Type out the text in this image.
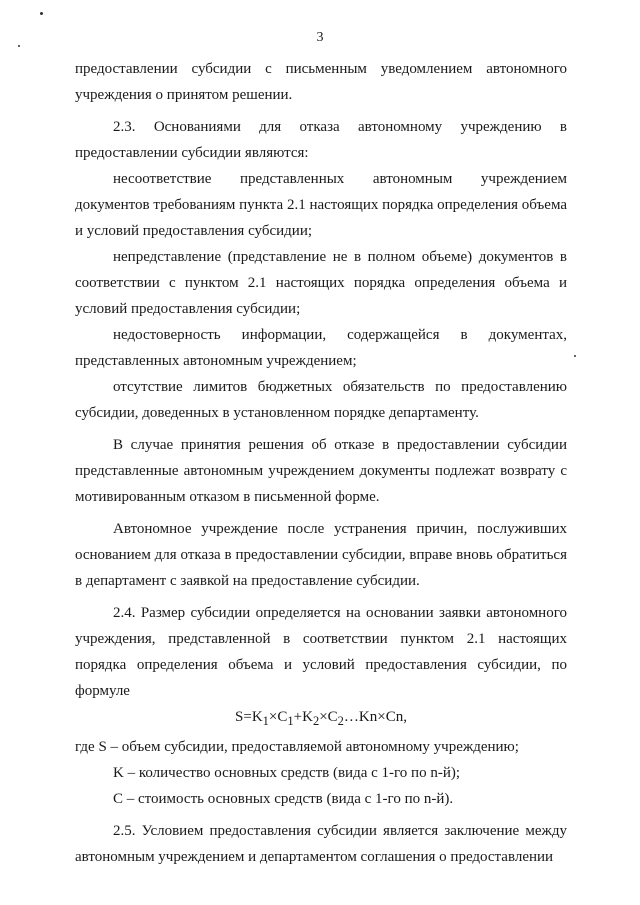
3

предоставлении субсидии с письменным уведомлением автономного учреждения о принятом решении.

2.3. Основаниями для отказа автономному учреждению в предоставлении субсидии являются:

несоответствие представленных автономным учреждением документов требованиям пункта 2.1 настоящих порядка определения объема и условий предоставления субсидии;

непредставление (представление не в полном объеме) документов в соответствии с пунктом 2.1 настоящих порядка определения объема и условий предоставления субсидии;

недостоверность информации, содержащейся в документах, представленных автономным учреждением;

отсутствие лимитов бюджетных обязательств по предоставлению субсидии, доведенных в установленном порядке департаменту.

В случае принятия решения об отказе в предоставлении субсидии представленные автономным учреждением документы подлежат возврату с мотивированным отказом в письменной форме.

Автономное учреждение после устранения причин, послуживших основанием для отказа в предоставлении субсидии, вправе вновь обратиться в департамент с заявкой на предоставление субсидии.

2.4. Размер субсидии определяется на основании заявки автономного учреждения, представленной в соответствии пунктом 2.1 настоящих порядка определения объема и условий предоставления субсидии, по формуле

$S=K_1\times C_1+K_2\times C_2\dots Kn\times Cn$,

где S – объем субсидии, предоставляемой автономному учреждению;

K – количество основных средств (вида с 1-го по n-й);

C – стоимость основных средств (вида с 1-го по n-й).

2.5. Условием предоставления субсидии является заключение между автономным учреждением и департаментом соглашения о предоставлении
